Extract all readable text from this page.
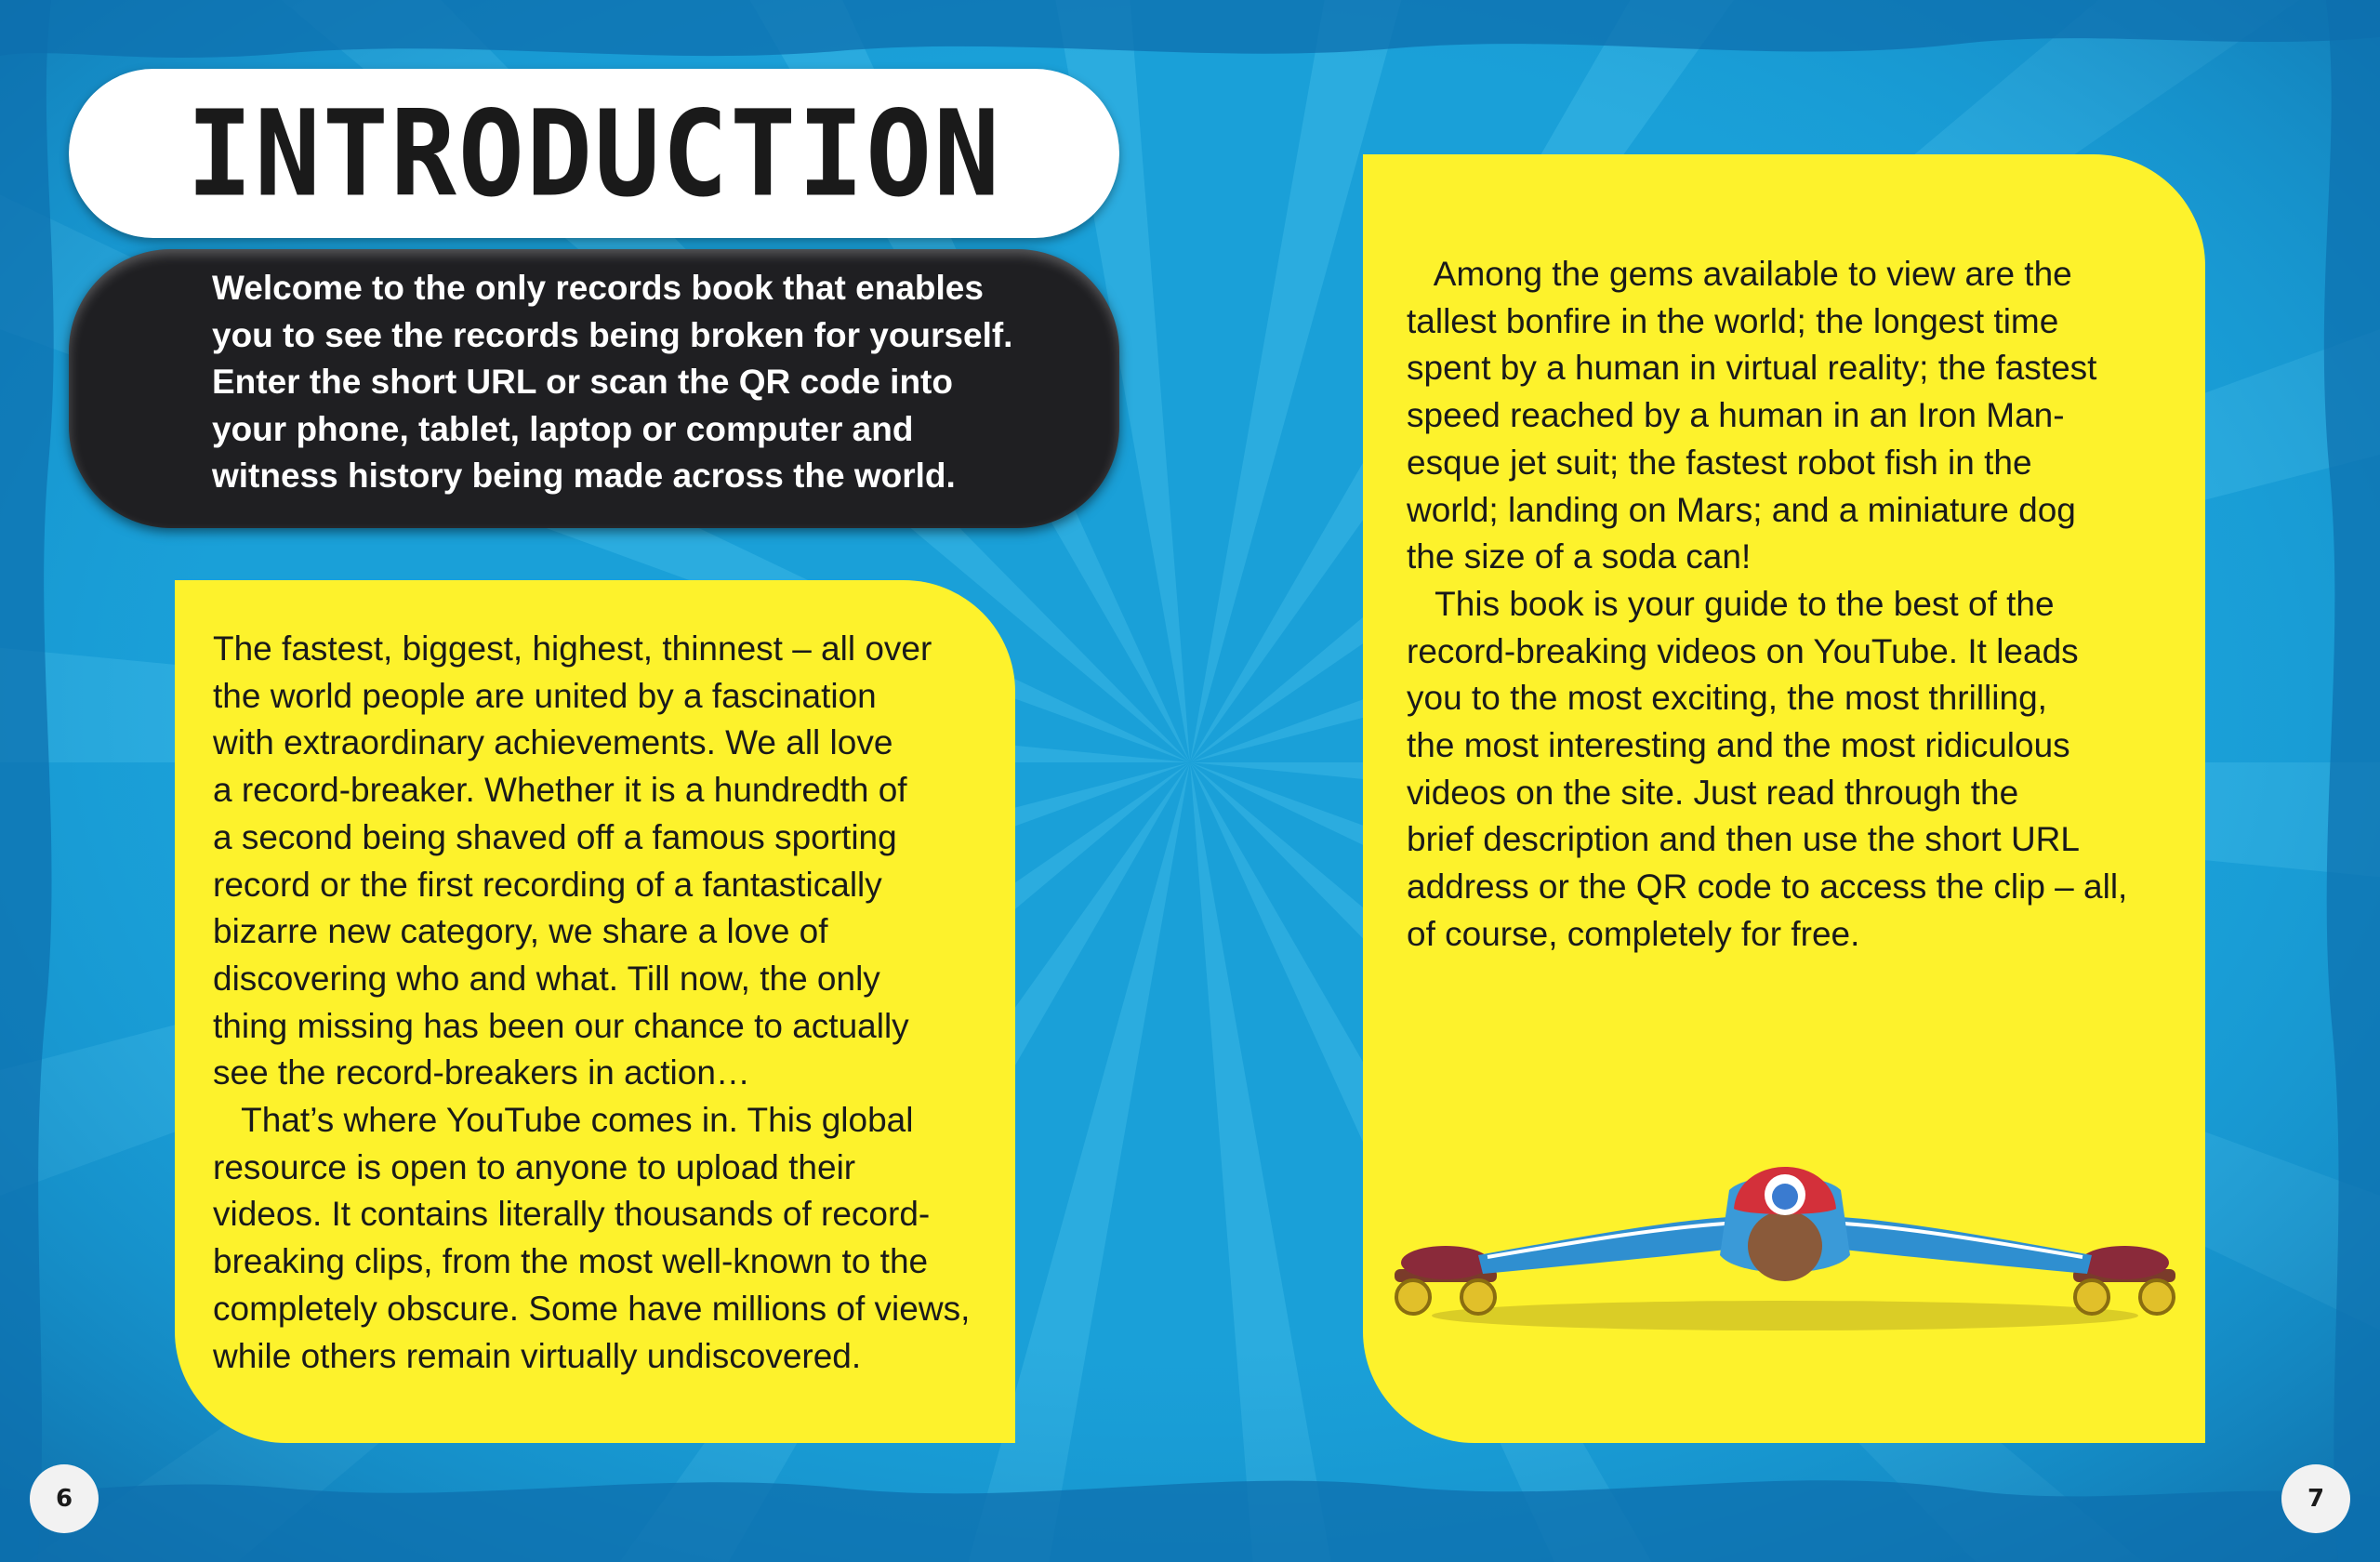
INTRODUCTION
Welcome to the only records book that enables
you to see the records being broken for yourself.
Enter the short URL or scan the QR code into
your phone, tablet, laptop or computer and
witness history being made across the world.
The fastest, biggest, highest, thinnest – all over
the world people are united by a fascination
with extraordinary achievements. We all love
a record-breaker. Whether it is a hundredth of
a second being shaved off a famous sporting
record or the first recording of a fantastically
bizarre new category, we share a love of
discovering who and what. Till now, the only
thing missing has been our chance to actually
see the record-breakers in action…
That’s where YouTube comes in. This global
resource is open to anyone to upload their
videos. It contains literally thousands of record-
breaking clips, from the most well-known to the
completely obscure. Some have millions of views,
while others remain virtually undiscovered.
Among the gems available to view are the
tallest bonfire in the world; the longest time
spent by a human in virtual reality; the fastest
speed reached by a human in an Iron Man-
esque jet suit; the fastest robot fish in the
world; landing on Mars; and a miniature dog
the size of a soda can!
This book is your guide to the best of the
record-breaking videos on YouTube. It leads
you to the most exciting, the most thrilling,
the most interesting and the most ridiculous
videos on the site. Just read through the
brief description and then use the short URL
address or the QR code to access the clip – all,
of course, completely for free.
6	7
